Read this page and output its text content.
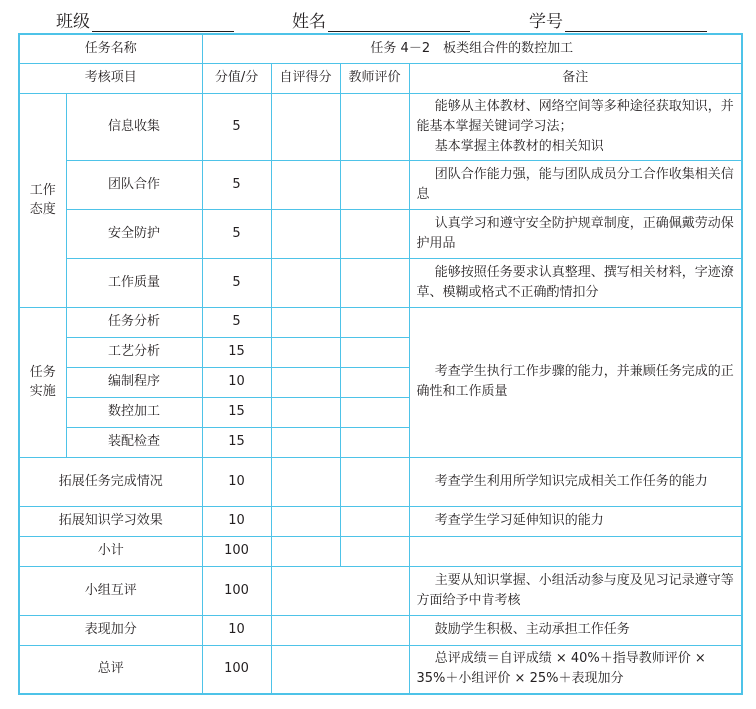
班级	姓名	学号
任务名称		任务 4－2　板类组合件的数控加工			
考核项目		分值/分	自评得分	教师评价	备注
工作
态度	信息收集	5			能够从主体教材、网络空间等多种途径获取知识，并能基本掌握关键词学习法；
基本掌握主体教材的相关知识

	团队合作	5			团队合作能力强，能与团队成员分工合作收集相关信息
	安全防护	5			认真学习和遵守安全防护规章制度，正确佩戴劳动保护用品
	工作质量	5			能够按照任务要求认真整理、撰写相关材料，字迹潦草、模糊或格式不正确酌情扣分
任务
实施	任务分析	5			考查学生执行工作步骤的能力，并兼顾任务完成的正确性和工作质量
	工艺分析	15			
	编制程序	10			
	数控加工	15			
	装配检查	15			
拓展任务完成情况		10			考查学生利用所学知识完成相关工作任务的能力
拓展知识学习效果		10			考查学生学习延伸知识的能力
小计		100			
小组互评		100			主要从知识掌握、小组活动参与度及见习记录遵守等方面给予中肯考核
表现加分		10			鼓励学生积极、主动承担工作任务
总评		100			总评成绩＝自评成绩 × 40%＋指导教师评价 × 35%＋小组评价 × 25%＋表现加分
